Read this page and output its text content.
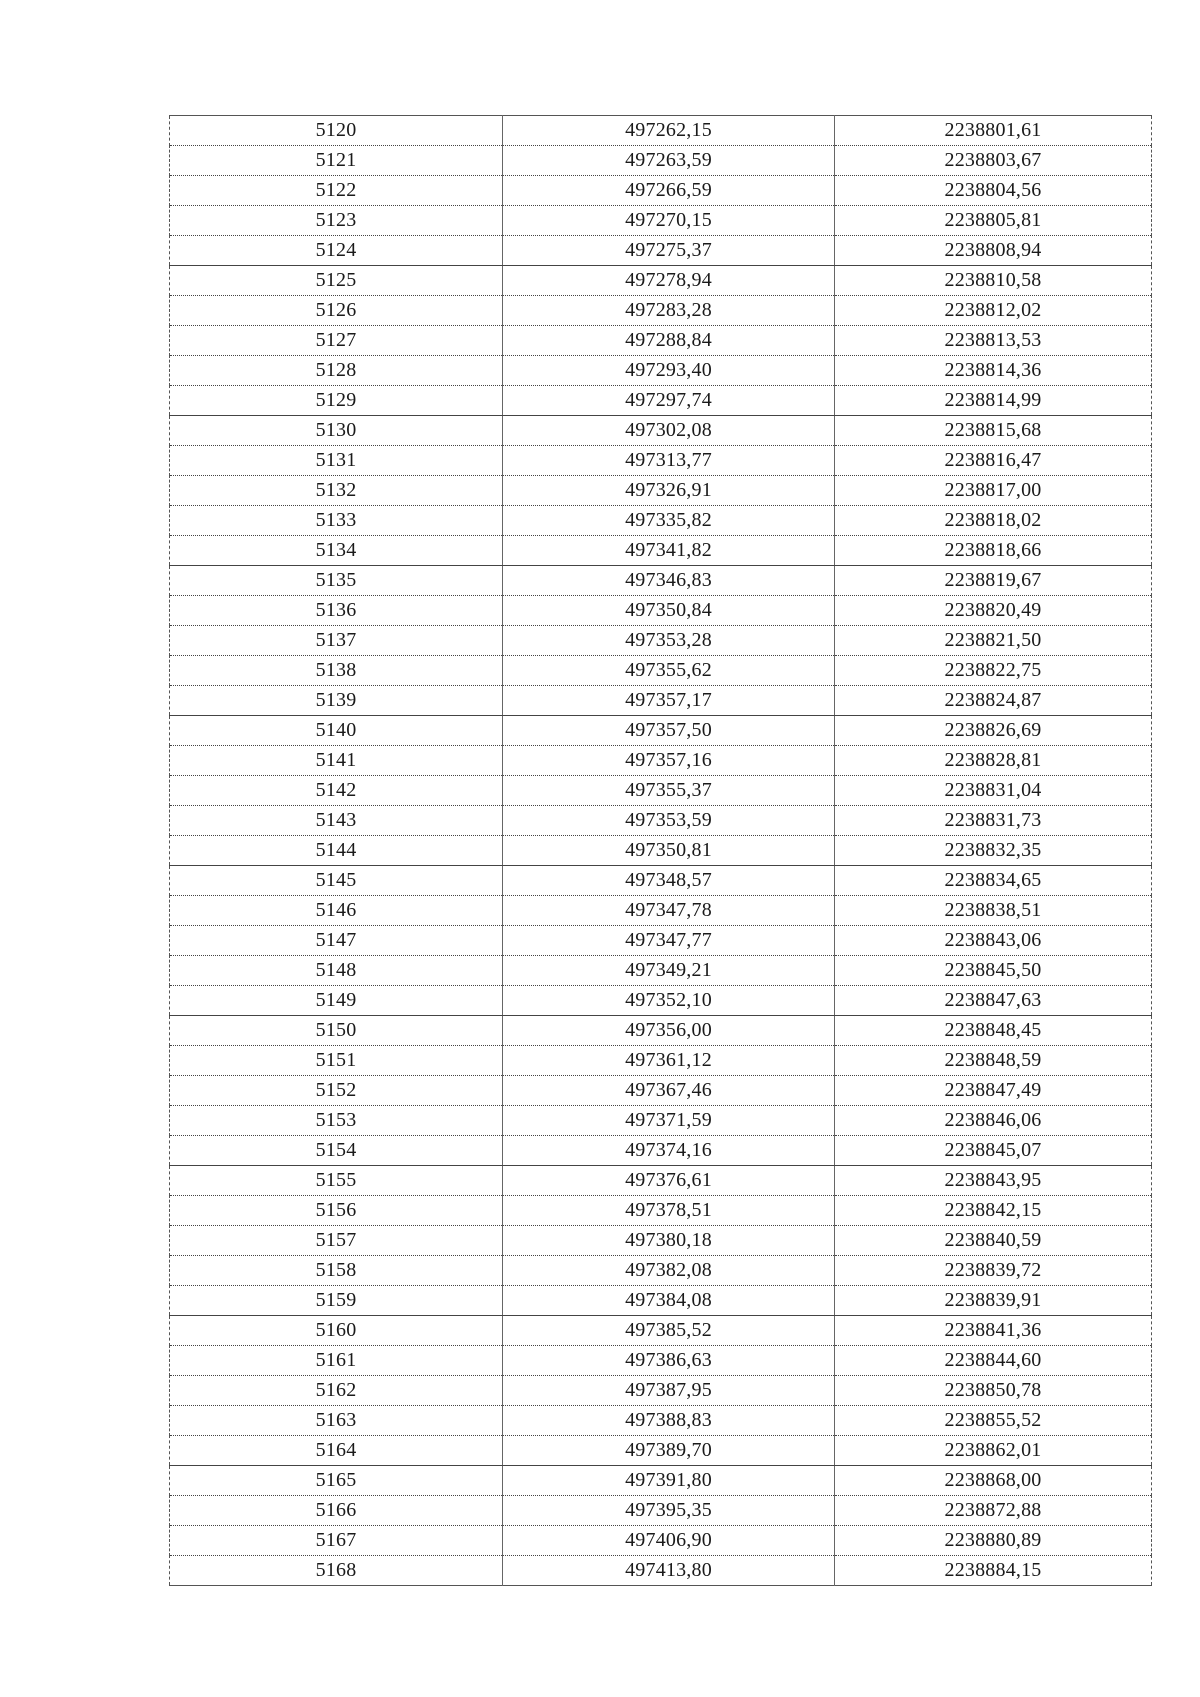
5120	497262,15	2238801,61
5121	497263,59	2238803,67
5122	497266,59	2238804,56
5123	497270,15	2238805,81
5124	497275,37	2238808,94
5125	497278,94	2238810,58
5126	497283,28	2238812,02
5127	497288,84	2238813,53
5128	497293,40	2238814,36
5129	497297,74	2238814,99
5130	497302,08	2238815,68
5131	497313,77	2238816,47
5132	497326,91	2238817,00
5133	497335,82	2238818,02
5134	497341,82	2238818,66
5135	497346,83	2238819,67
5136	497350,84	2238820,49
5137	497353,28	2238821,50
5138	497355,62	2238822,75
5139	497357,17	2238824,87
5140	497357,50	2238826,69
5141	497357,16	2238828,81
5142	497355,37	2238831,04
5143	497353,59	2238831,73
5144	497350,81	2238832,35
5145	497348,57	2238834,65
5146	497347,78	2238838,51
5147	497347,77	2238843,06
5148	497349,21	2238845,50
5149	497352,10	2238847,63
5150	497356,00	2238848,45
5151	497361,12	2238848,59
5152	497367,46	2238847,49
5153	497371,59	2238846,06
5154	497374,16	2238845,07
5155	497376,61	2238843,95
5156	497378,51	2238842,15
5157	497380,18	2238840,59
5158	497382,08	2238839,72
5159	497384,08	2238839,91
5160	497385,52	2238841,36
5161	497386,63	2238844,60
5162	497387,95	2238850,78
5163	497388,83	2238855,52
5164	497389,70	2238862,01
5165	497391,80	2238868,00
5166	497395,35	2238872,88
5167	497406,90	2238880,89
5168	497413,80	2238884,15
